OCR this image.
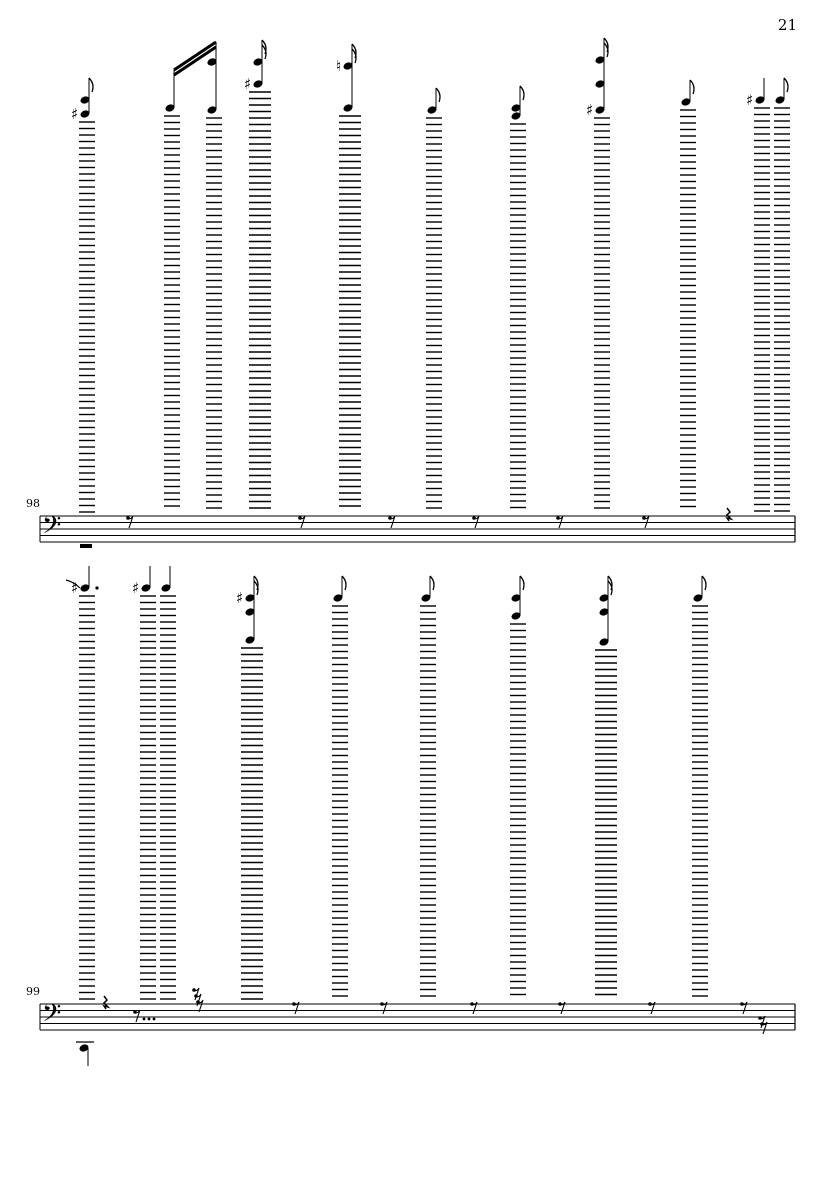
21
98
99
𝄢
𝄢
♯
♯
♮
♯
♯
♯	♯
♯
